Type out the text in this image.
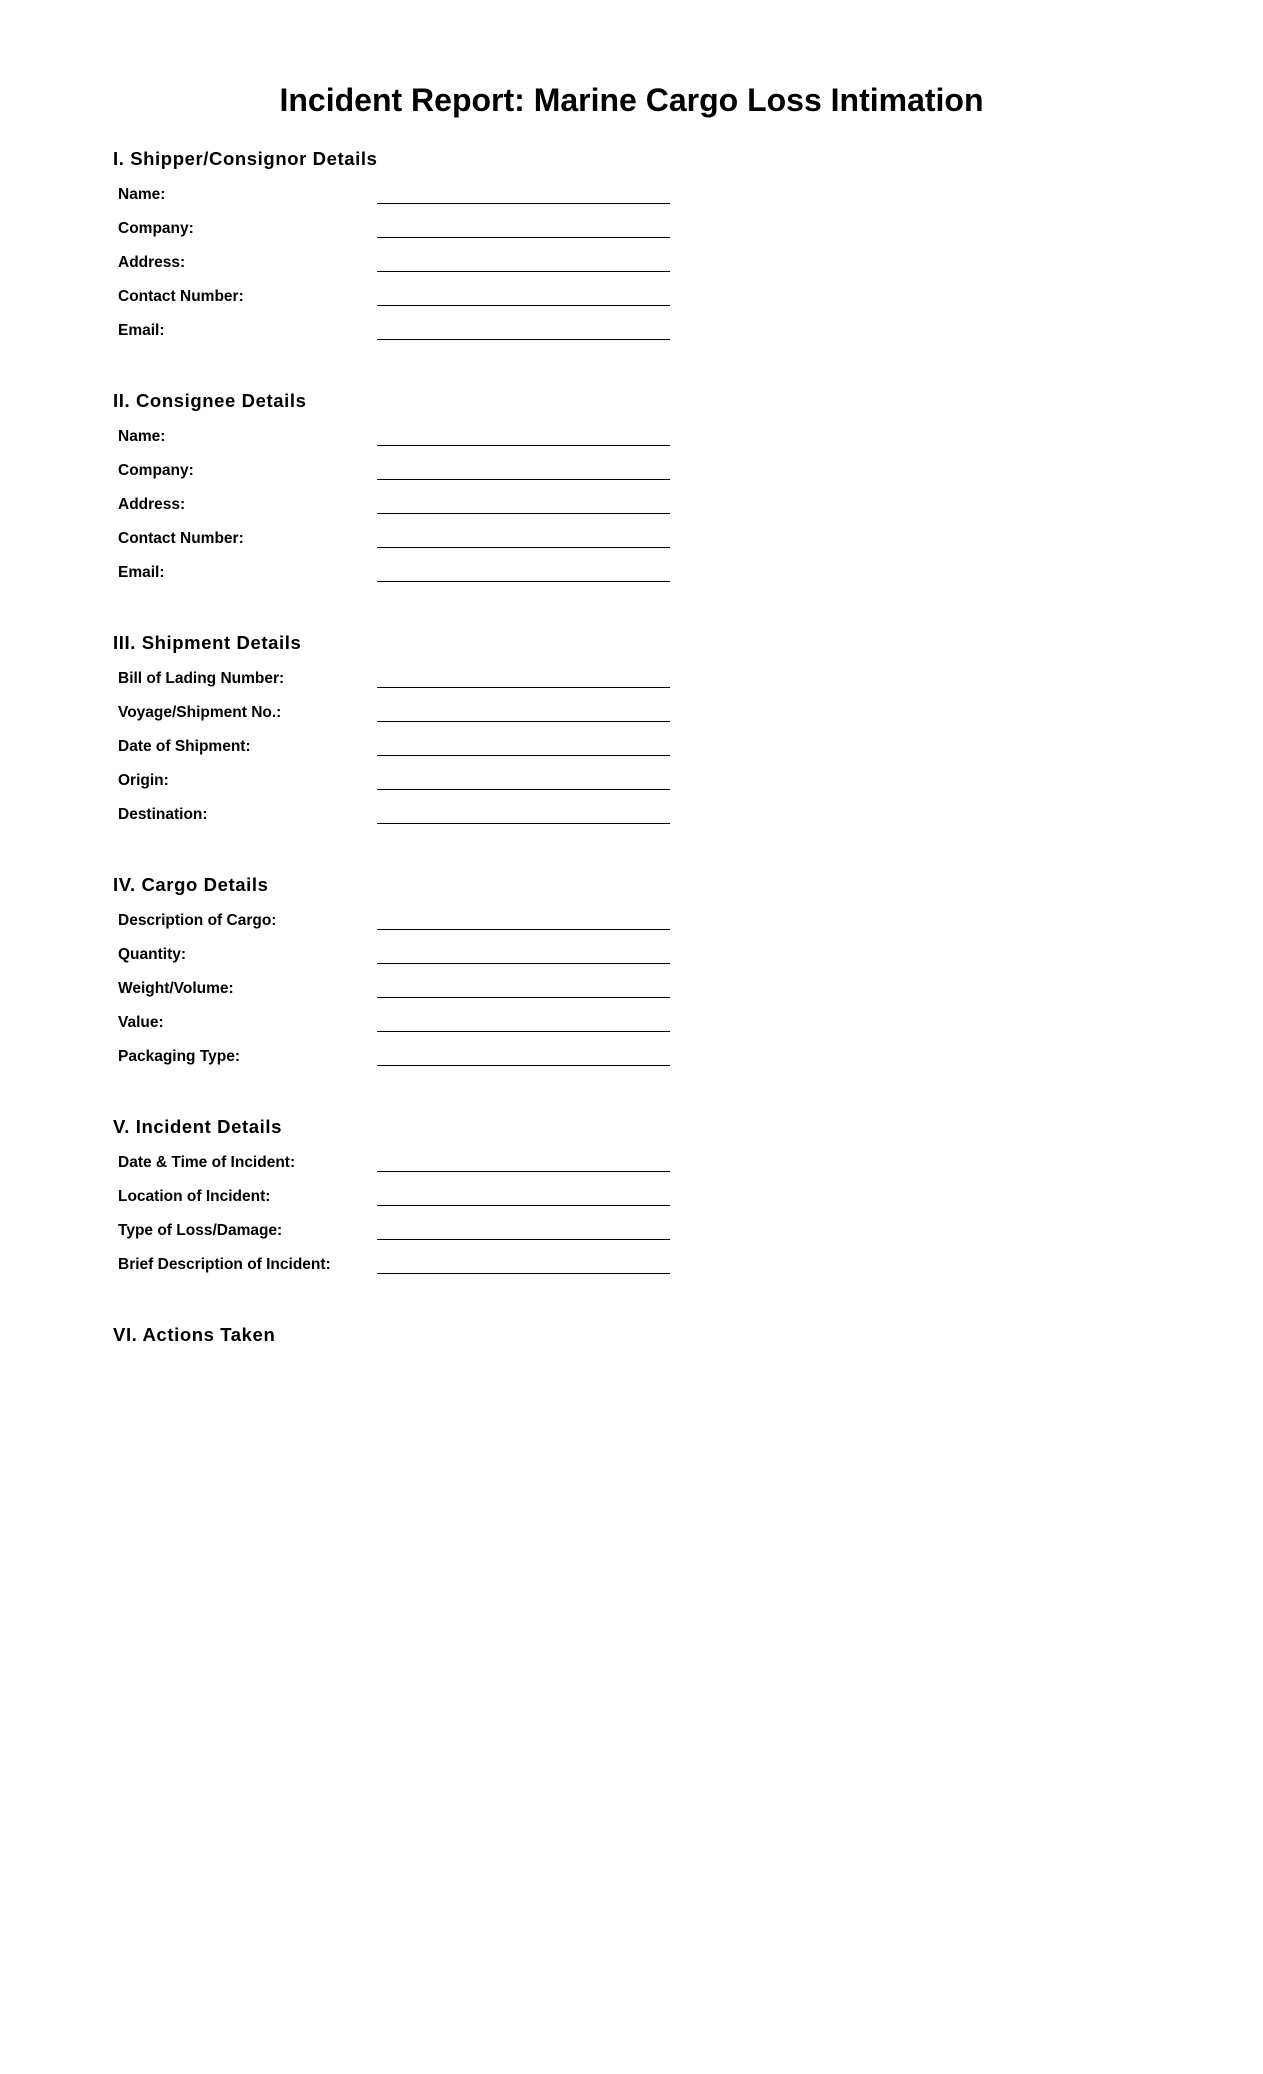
Incident Report: Marine Cargo Loss Intimation
I. Shipper/Consignor Details
Name:
Company:
Address:
Contact Number:
Email:
II. Consignee Details
Name:
Company:
Address:
Contact Number:
Email:
III. Shipment Details
Bill of Lading Number:
Voyage/Shipment No.:
Date of Shipment:
Origin:
Destination:
IV. Cargo Details
Description of Cargo:
Quantity:
Weight/Volume:
Value:
Packaging Type:
V. Incident Details
Date & Time of Incident:
Location of Incident:
Type of Loss/Damage:
Brief Description of Incident:
VI. Actions Taken
